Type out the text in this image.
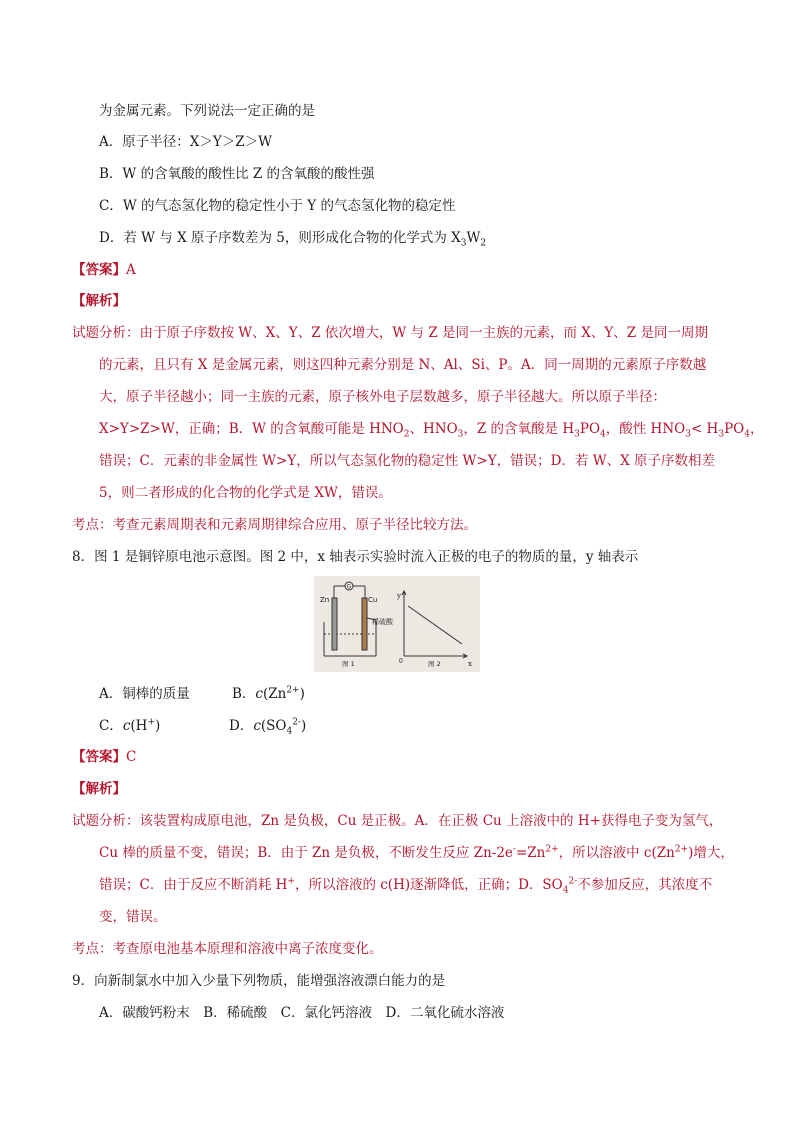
为金属元素。下列说法一定正确的是
A．原子半径：X＞Y＞Z＞W
B．W 的含氧酸的酸性比 Z 的含氧酸的酸性强
C．W 的气态氢化物的稳定性小于 Y 的气态氢化物的稳定性
D．若 W 与 X 原子序数差为 5，则形成化合物的化学式为 $X_3W_2$
【答案】A
【解析】
试题分析：由于原子序数按 W、X、Y、Z 依次增大，W 与 Z 是同一主族的元素，而 X、Y、Z 是同一周期
的元素，且只有 X 是金属元素，则这四种元素分别是 N、Al、Si、P。A．同一周期的元素原子序数越
大，原子半径越小；同一主族的元素，原子核外电子层数越多，原子半径越大。所以原子半径：
X>Y>Z>W，正确；B．W 的含氧酸可能是 $HNO_2$、$HNO_3$，Z 的含氧酸是 $H_3PO_4$，酸性 $HNO_3< H_3PO_4$，
错误；C．元素的非金属性 W>Y，所以气态氢化物的稳定性 W>Y，错误；D．若 W、X 原子序数相差
5，则二者形成的化合物的化学式是 XW，错误。
考点：考查元素周期表和元素周期律综合应用、原子半径比较方法。
8．图 1 是铜锌原电池示意图。图 2 中，x 轴表示实验时流入正极的电子的物质的量，y 轴表示
G
Zn	Cu
稀硫酸
图 1
y
x
0	图 2
A．铜棒的质量	B．$c(Zn^{2+})$
C．c(H+)	D．$c(SO_4^{2-})$
【答案】C
【解析】
试题分析：该装置构成原电池，Zn 是负极，Cu 是正极。A．在正极 Cu 上溶液中的 H+获得电子变为氢气，
Cu 棒的质量不变，错误；B．由于 Zn 是负极，不断发生反应 $Zn-2e^-=Zn^{2+}$，所以溶液中 $c(Zn^{2+})$增大，
错误；C．由于反应不断消耗 H+，所以溶液的 c(H)逐渐降低，正确；D．$SO_4^{2-}$不参加反应，其浓度不
变，错误。
考点：考查原电池基本原理和溶液中离子浓度变化。
9．向新制氯水中加入少量下列物质，能增强溶液漂白能力的是
A．碳酸钙粉末　B．稀硫酸　C．氯化钙溶液　D．二氧化硫水溶液
